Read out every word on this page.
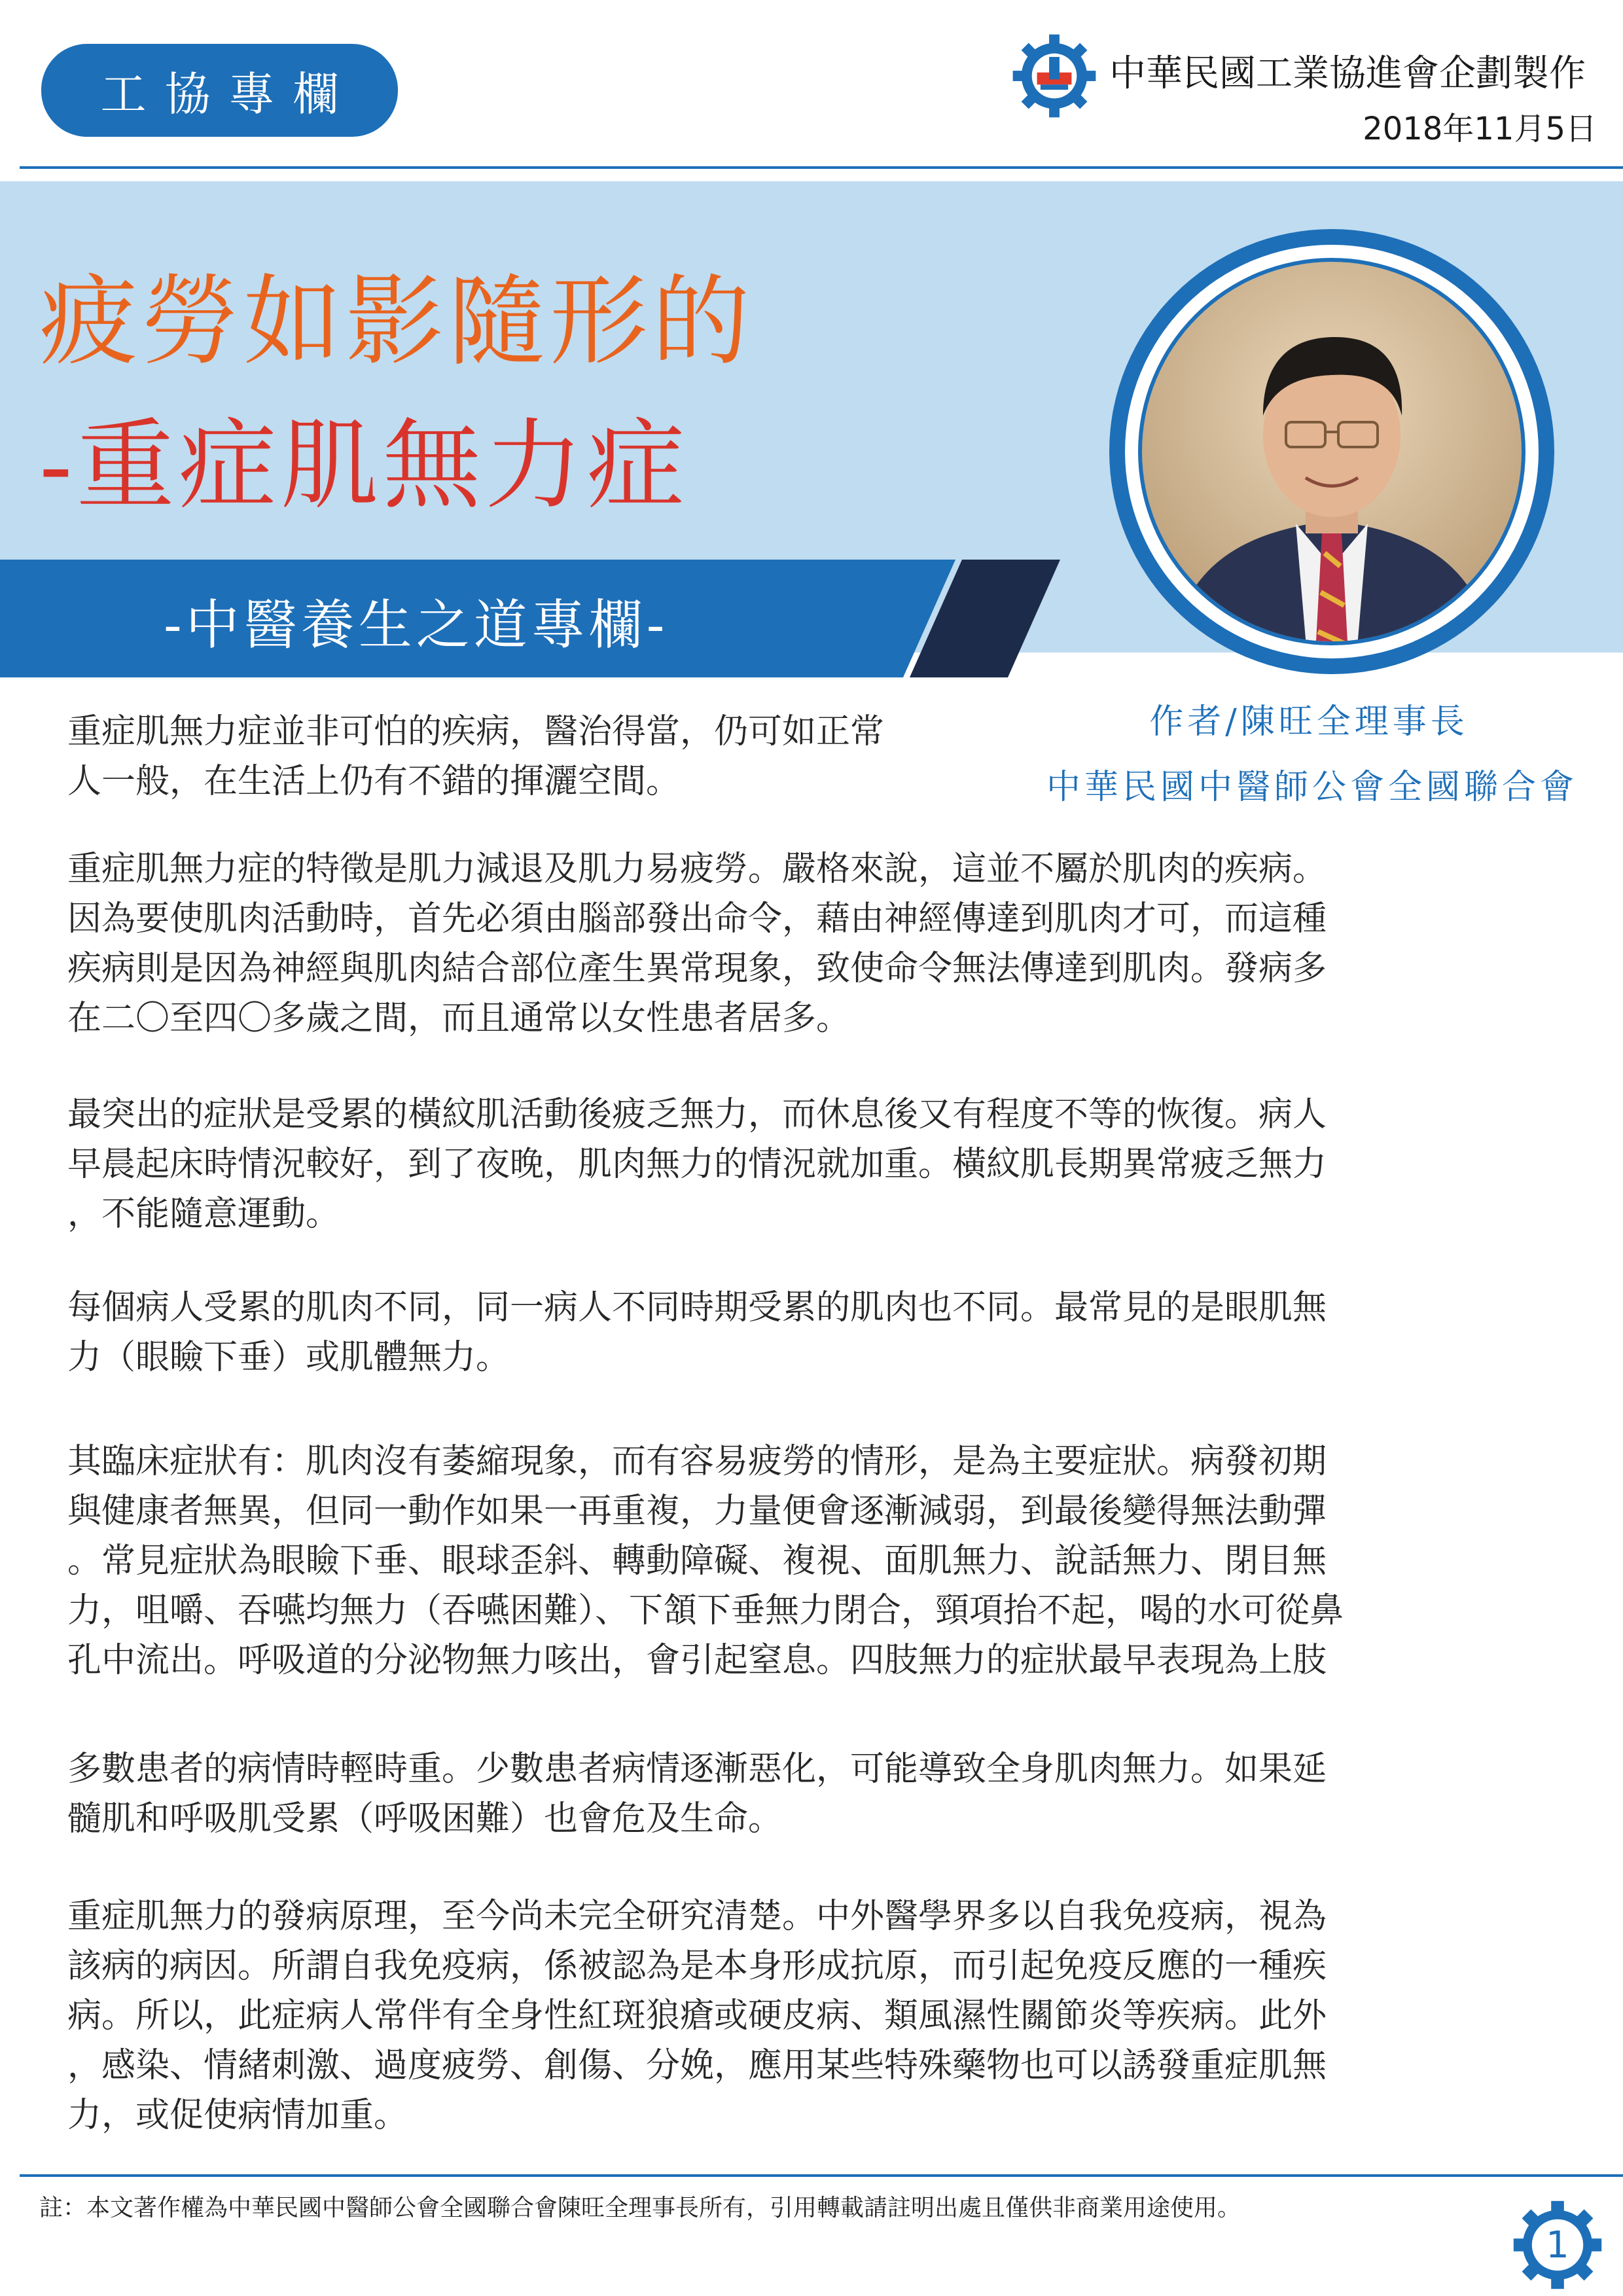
工協專欄	中華民國工業協進會企劃製作
2018年11月5日
疲勞如影隨形的
-重症肌無力症
-中醫養生之道專欄-
作者/陳旺全理事長
中華民國中醫師公會全國聯合會
重症肌無力症並非可怕的疾病，醫治得當，仍可如正常
人一般，在生活上仍有不錯的揮灑空間。
重症肌無力症的特徵是肌力減退及肌力易疲勞。嚴格來說，這並不屬於肌肉的疾病。
因為要使肌肉活動時，首先必須由腦部發出命令，藉由神經傳達到肌肉才可，而這種
疾病則是因為神經與肌肉結合部位產生異常現象，致使命令無法傳達到肌肉。發病多
在二〇至四〇多歲之間，而且通常以女性患者居多。
最突出的症狀是受累的橫紋肌活動後疲乏無力，而休息後又有程度不等的恢復。病人
早晨起床時情況較好，到了夜晚，肌肉無力的情況就加重。橫紋肌長期異常疲乏無力
，不能隨意運動。
每個病人受累的肌肉不同，同一病人不同時期受累的肌肉也不同。最常見的是眼肌無
力（眼瞼下垂）或肌體無力。
其臨床症狀有：肌肉沒有萎縮現象，而有容易疲勞的情形，是為主要症狀。病發初期
與健康者無異，但同一動作如果一再重複，力量便會逐漸減弱，到最後變得無法動彈
。常見症狀為眼瞼下垂、眼球歪斜、轉動障礙、複視、面肌無力、說話無力、閉目無
力，咀嚼、吞嚥均無力（吞嚥困難）、下頷下垂無力閉合，頸項抬不起，喝的水可從鼻
孔中流出。呼吸道的分泌物無力咳出，會引起窒息。四肢無力的症狀最早表現為上肢
多數患者的病情時輕時重。少數患者病情逐漸惡化，可能導致全身肌肉無力。如果延
髓肌和呼吸肌受累（呼吸困難）也會危及生命。
重症肌無力的發病原理，至今尚未完全研究清楚。中外醫學界多以自我免疫病，視為
該病的病因。所謂自我免疫病，係被認為是本身形成抗原，而引起免疫反應的一種疾
病。所以，此症病人常伴有全身性紅斑狼瘡或硬皮病、類風濕性關節炎等疾病。此外
，感染、情緒刺激、過度疲勞、創傷、分娩，應用某些特殊藥物也可以誘發重症肌無
力，或促使病情加重。
註：本文著作權為中華民國中醫師公會全國聯合會陳旺全理事長所有，引用轉載請註明出處且僅供非商業用途使用。
1
